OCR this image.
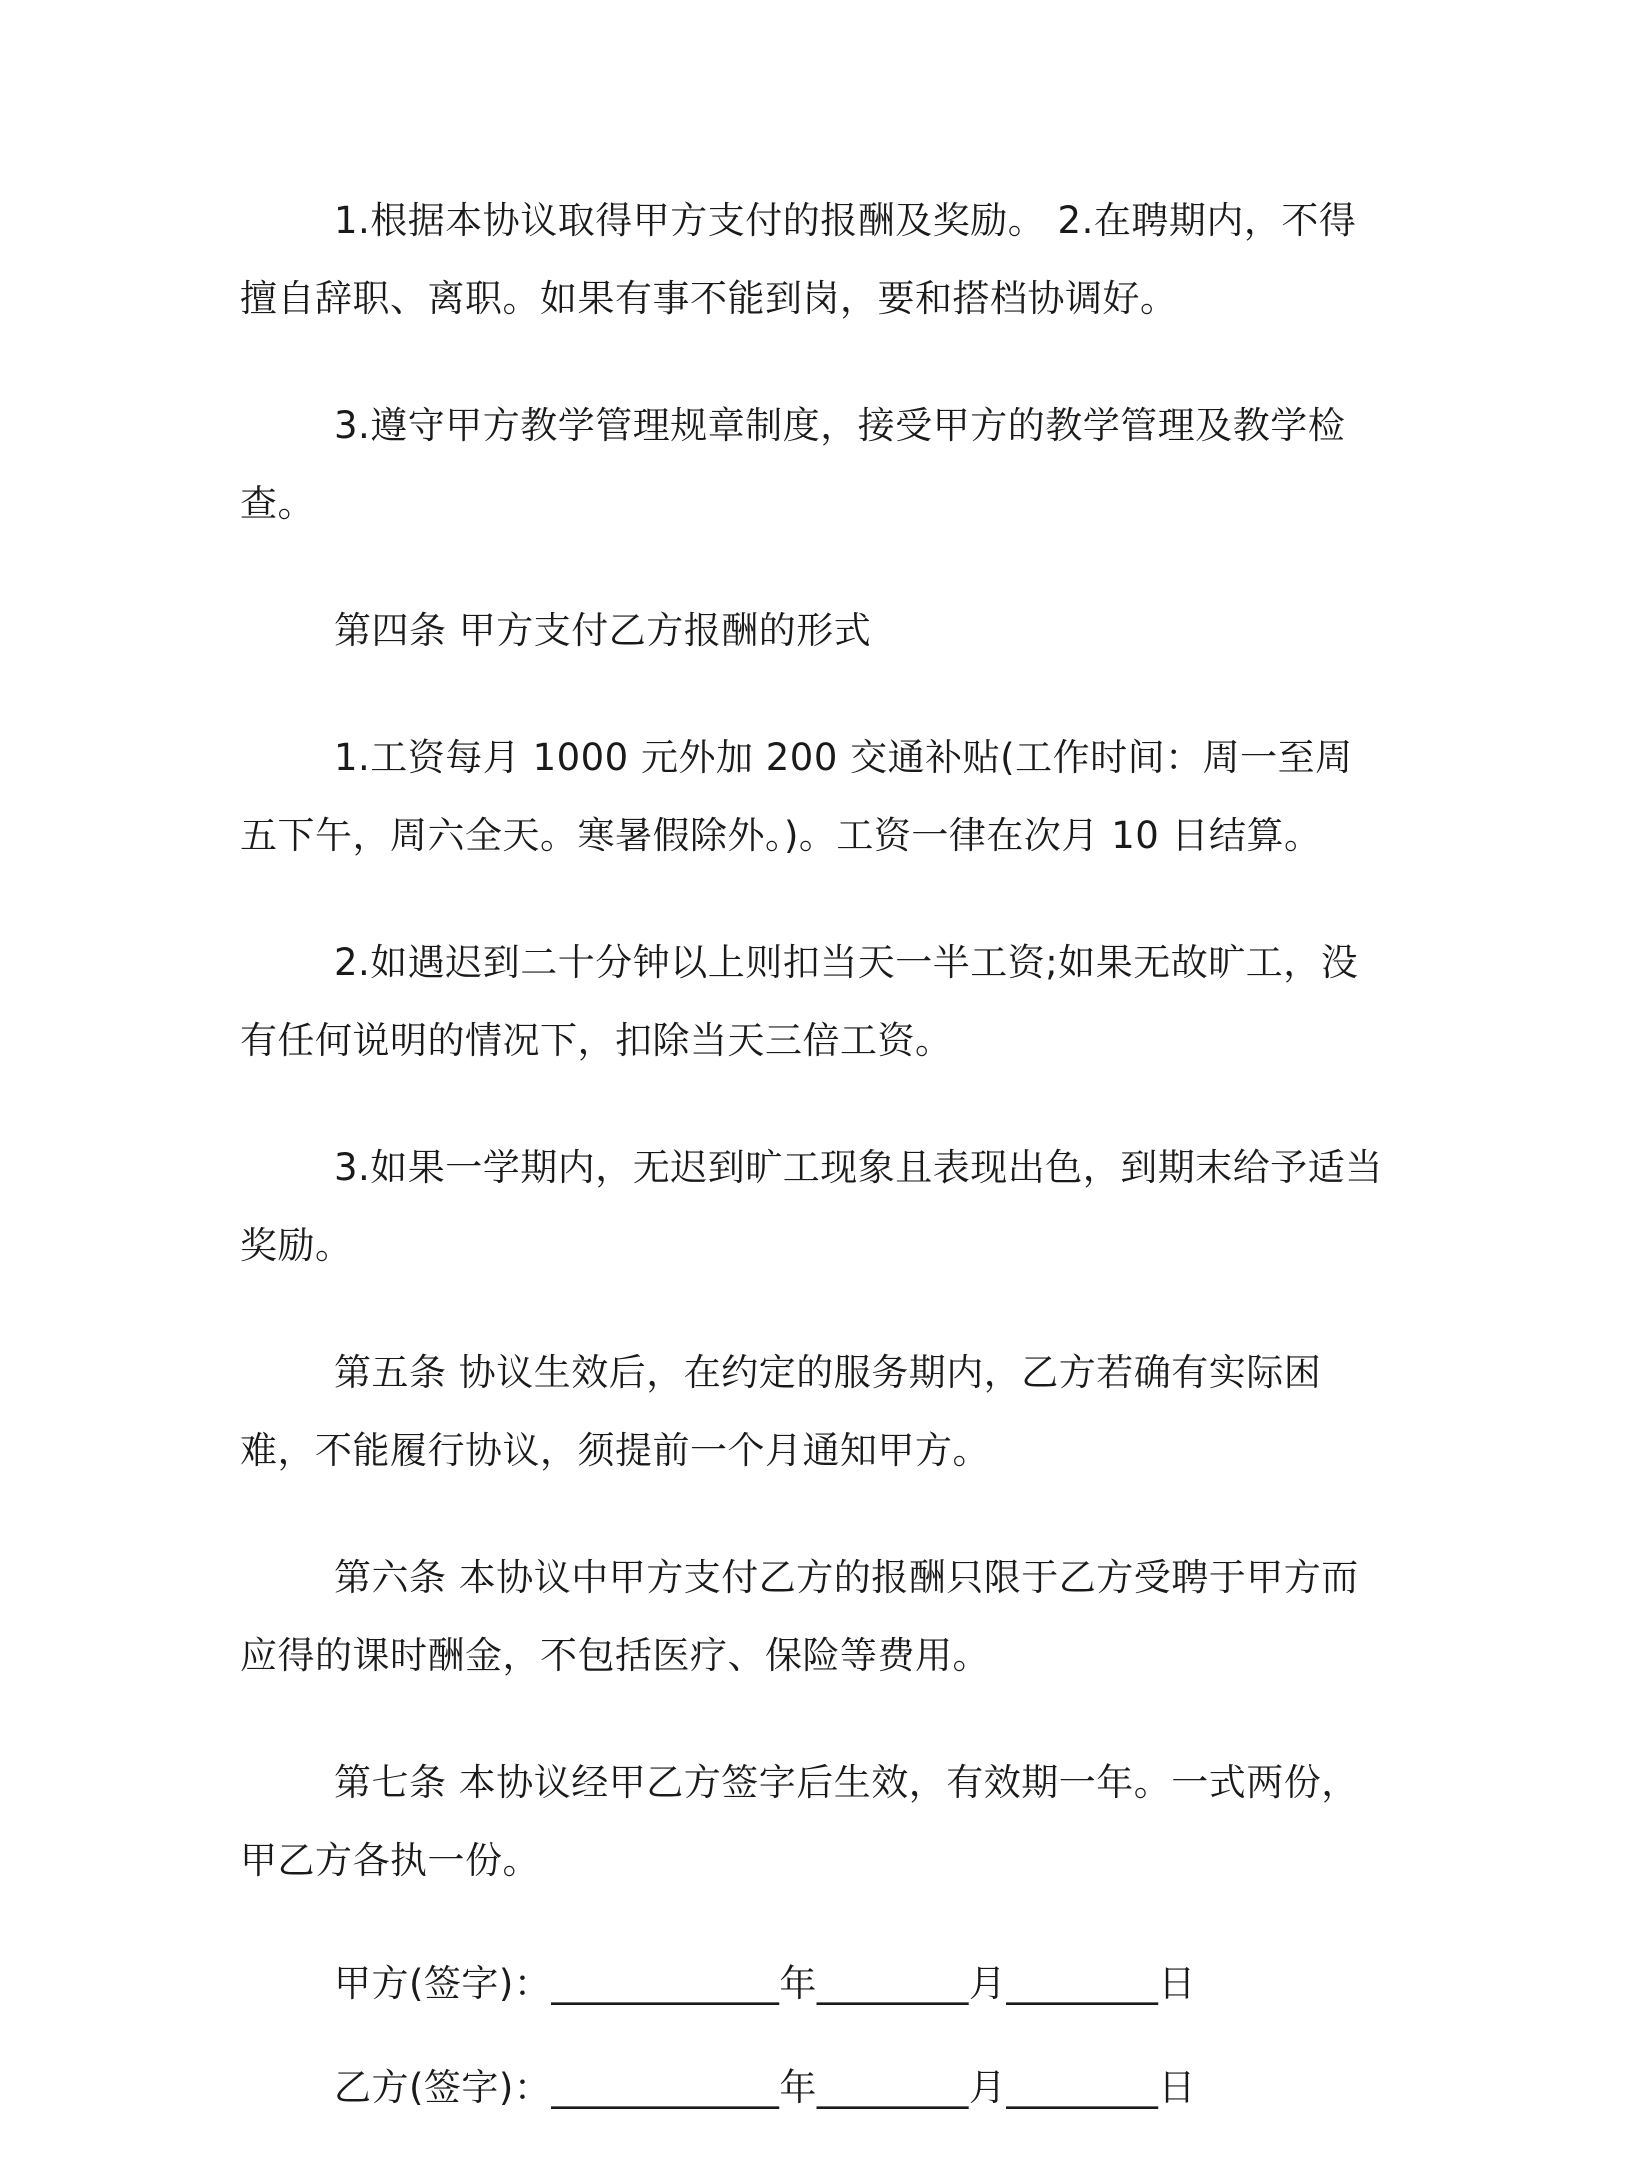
1.根据本协议取得甲方支付的报酬及奖励。 2.在聘期内，不得擅自辞职、离职。如果有事不能到岗，要和搭档协调好。

3.遵守甲方教学管理规章制度，接受甲方的教学管理及教学检查。

第四条 甲方支付乙方报酬的形式

1.工资每月 1000 元外加 200 交通补贴(工作时间：周一至周五下午，周六全天。寒暑假除外。)。工资一律在次月 10 日结算。

2.如遇迟到二十分钟以上则扣当天一半工资;如果无故旷工，没有任何说明的情况下，扣除当天三倍工资。

3.如果一学期内，无迟到旷工现象且表现出色，到期末给予适当奖励。

第五条 协议生效后，在约定的服务期内，乙方若确有实际困难，不能履行协议，须提前一个月通知甲方。

第六条 本协议中甲方支付乙方的报酬只限于乙方受聘于甲方而应得的课时酬金，不包括医疗、保险等费用。

第七条 本协议经甲乙方签字后生效，有效期一年。一式两份，甲乙方各执一份。

甲方(签字)：____________年________月________日

乙方(签字)：____________年________月________日
